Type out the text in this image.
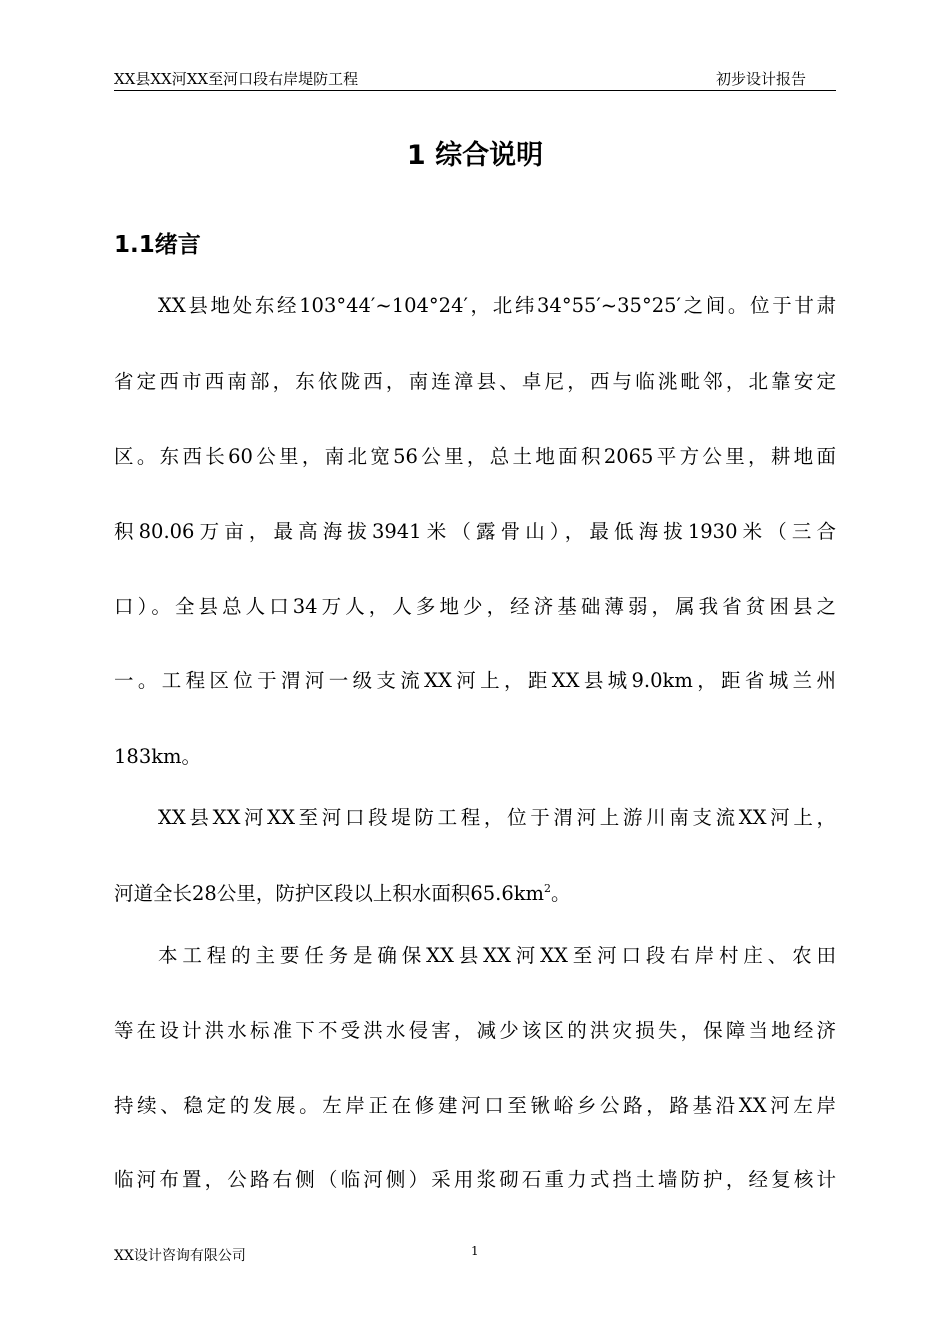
XX县XX河XX至河口段右岸堤防工程	初步设计报告
1 综合说明
1.1绪言
XX县地处东经103°44′~104°24′，北纬34°55′~35°25′之间。位于甘肃
省定西市西南部，东依陇西，南连漳县、卓尼，西与临洮毗邻，北靠安定
区。东西长60公里，南北宽56公里，总土地面积2065平方公里，耕地面
积80.06万亩，最高海拔3941米（露骨山），最低海拔1930米（三合
口）。全县总人口34万人，人多地少，经济基础薄弱，属我省贫困县之
一。工程区位于渭河一级支流XX河上，距XX县城9.0km，距省城兰州
183km。
XX县XX河XX至河口段堤防工程，位于渭河上游川南支流XX河上，
河道全长28公里，防护区段以上积水面积$65.6km^2$。
本工程的主要任务是确保XX县XX河XX至河口段右岸村庄、农田
等在设计洪水标准下不受洪水侵害，减少该区的洪灾损失，保障当地经济
持续、稳定的发展。左岸正在修建河口至锹峪乡公路，路基沿XX河左岸
临河布置，公路右侧（临河侧）采用浆砌石重力式挡土墙防护，经复核计
XX设计咨询有限公司	1
